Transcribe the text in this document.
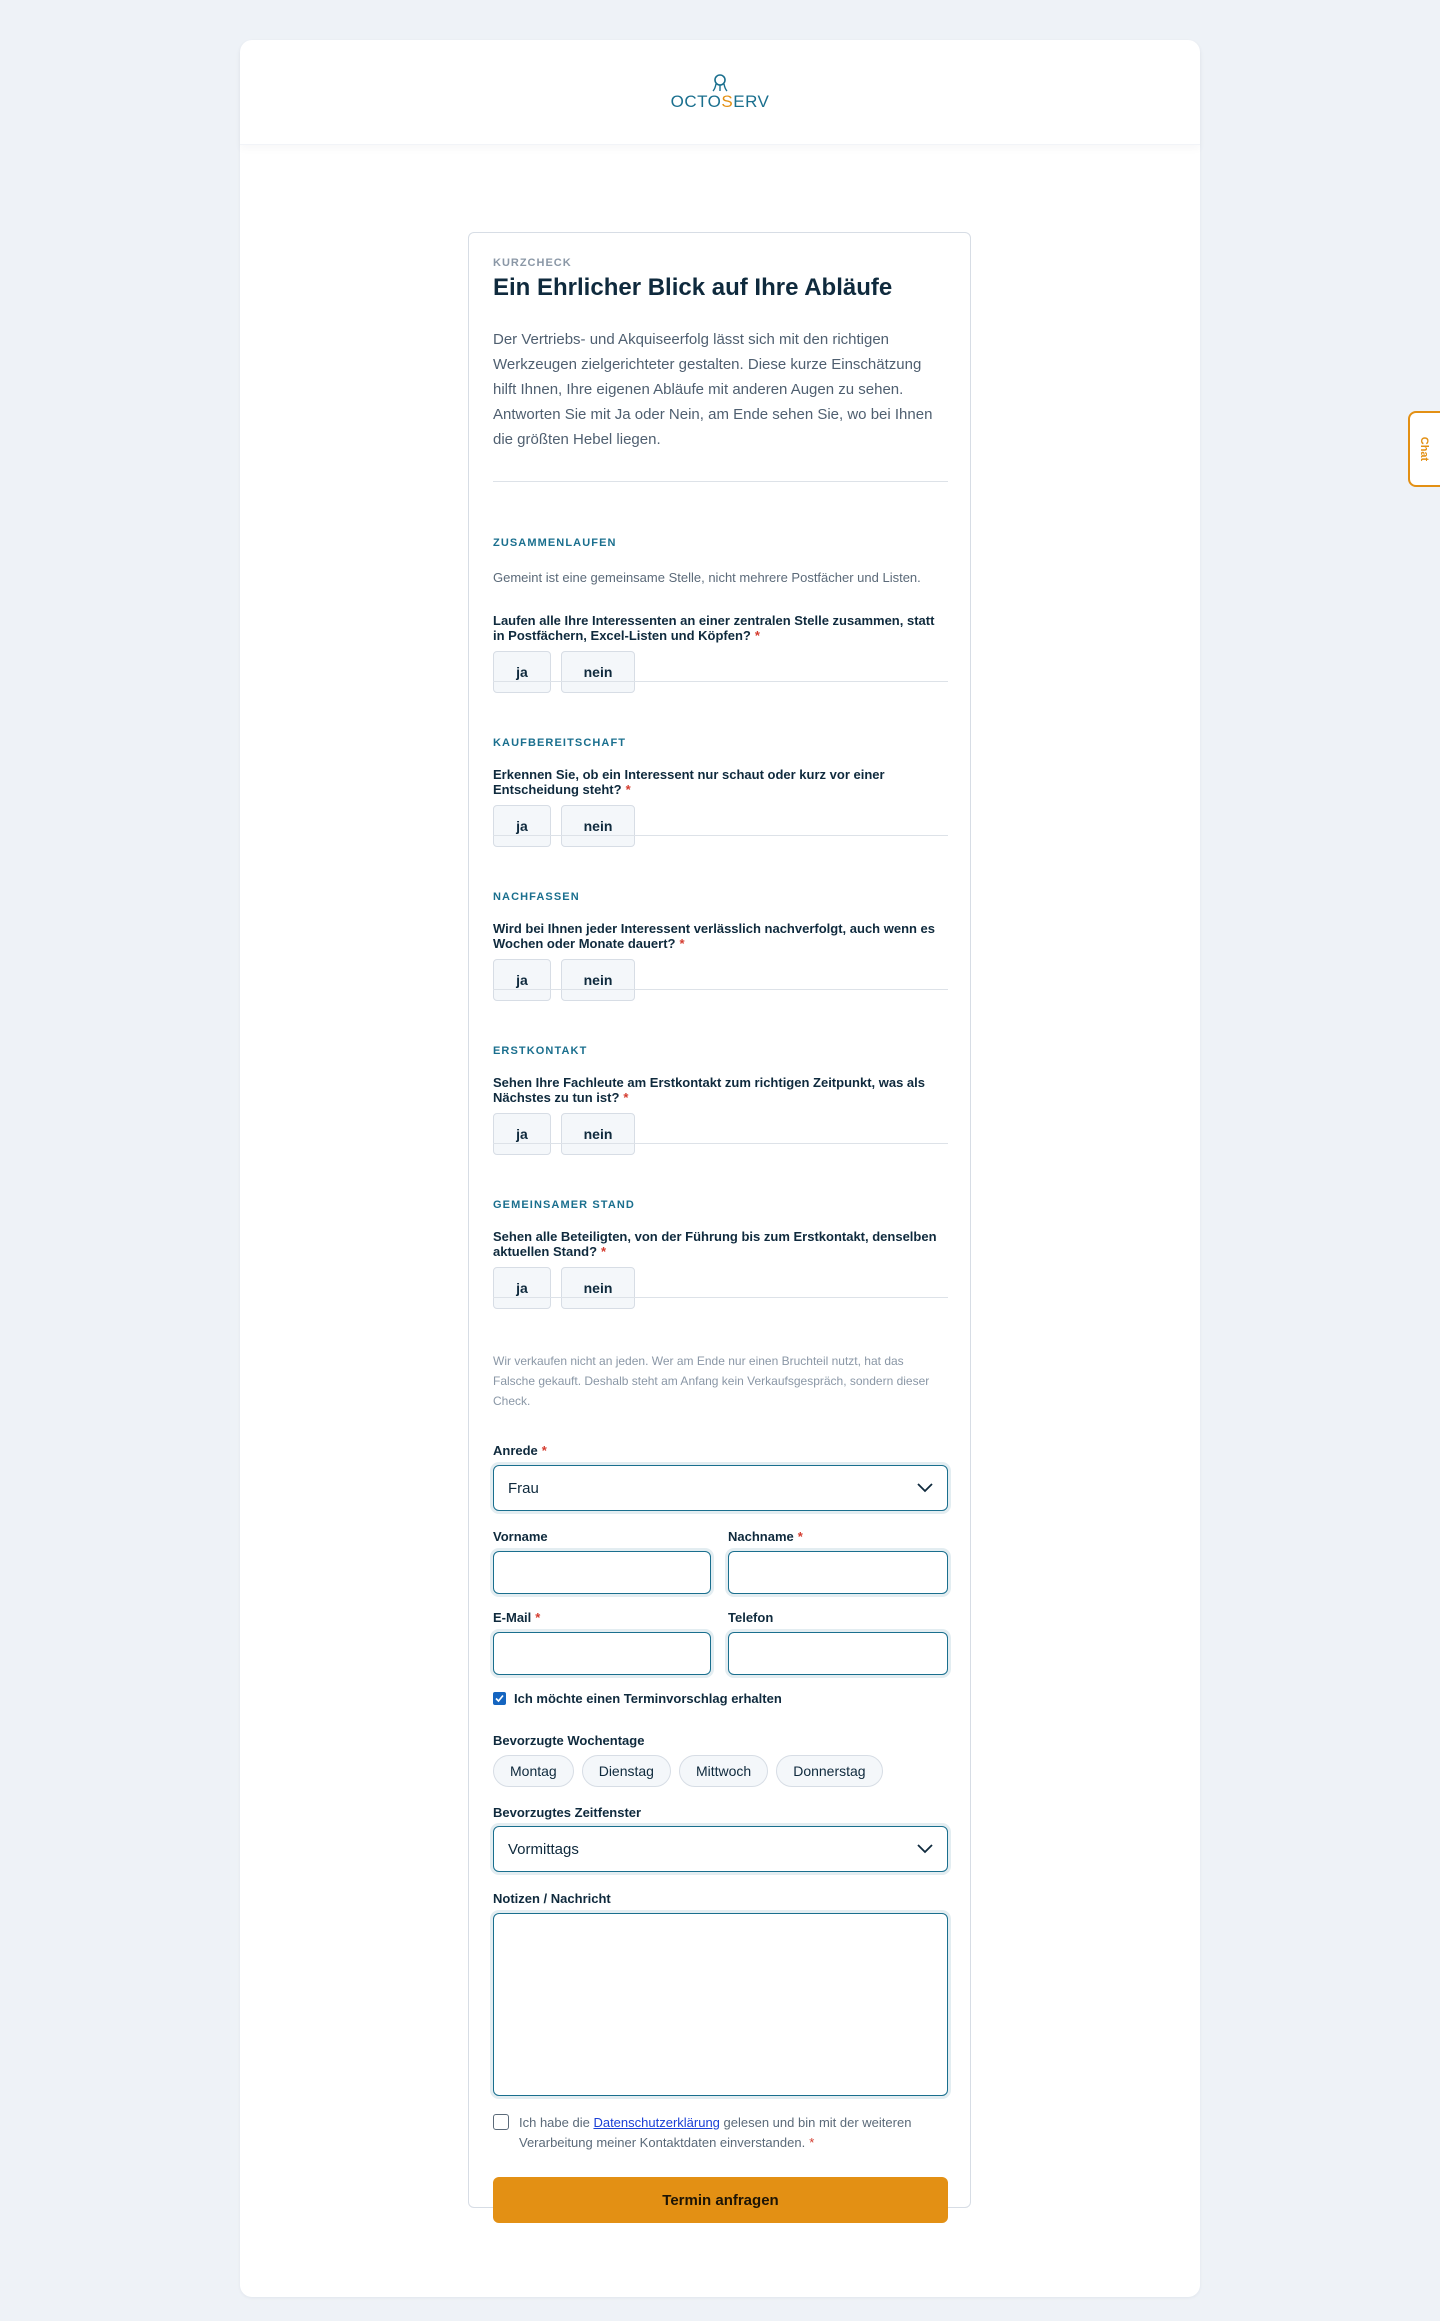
OCTOSERV
KURZCHECK
Ein Ehrlicher Blick auf Ihre Abläufe
Der Vertriebs- und Akquiseerfolg lässt sich mit den richtigen Werkzeugen zielgerichteter gestalten. Diese kurze Einschätzung hilft Ihnen, Ihre eigenen Abläufe mit anderen Augen zu sehen. Antworten Sie mit Ja oder Nein, am Ende sehen Sie, wo bei Ihnen die größten Hebel liegen.
ZUSAMMENLAUFEN
Gemeint ist eine gemeinsame Stelle, nicht mehrere Postfächer und Listen.
Laufen alle Ihre Interessenten an einer zentralen Stelle zusammen, statt in Postfächern, Excel-Listen und Köpfen? *
ja	nein
KAUFBEREITSCHAFT
Erkennen Sie, ob ein Interessent nur schaut oder kurz vor einer Entscheidung steht? *
ja	nein
NACHFASSEN
Wird bei Ihnen jeder Interessent verlässlich nachverfolgt, auch wenn es Wochen oder Monate dauert? *
ja	nein
ERSTKONTAKT
Sehen Ihre Fachleute am Erstkontakt zum richtigen Zeitpunkt, was als Nächstes zu tun ist? *
ja	nein
GEMEINSAMER STAND
Sehen alle Beteiligten, von der Führung bis zum Erstkontakt, denselben aktuellen Stand? *
ja	nein
Wir verkaufen nicht an jeden. Wer am Ende nur einen Bruchteil nutzt, hat das Falsche gekauft. Deshalb steht am Anfang kein Verkaufsgespräch, sondern dieser Check.
Anrede *
Frau
Vorname	Nachname *
E-Mail *	Telefon
Ich möchte einen Terminvorschlag erhalten
Bevorzugte Wochentage
Montag	Dienstag	Mittwoch	Donnerstag
Bevorzugtes Zeitfenster
Vormittags
Notizen / Nachricht
Ich habe die Datenschutzerklärung gelesen und bin mit der weiteren Verarbeitung meiner Kontaktdaten einverstanden. *
Termin anfragen
Chat
